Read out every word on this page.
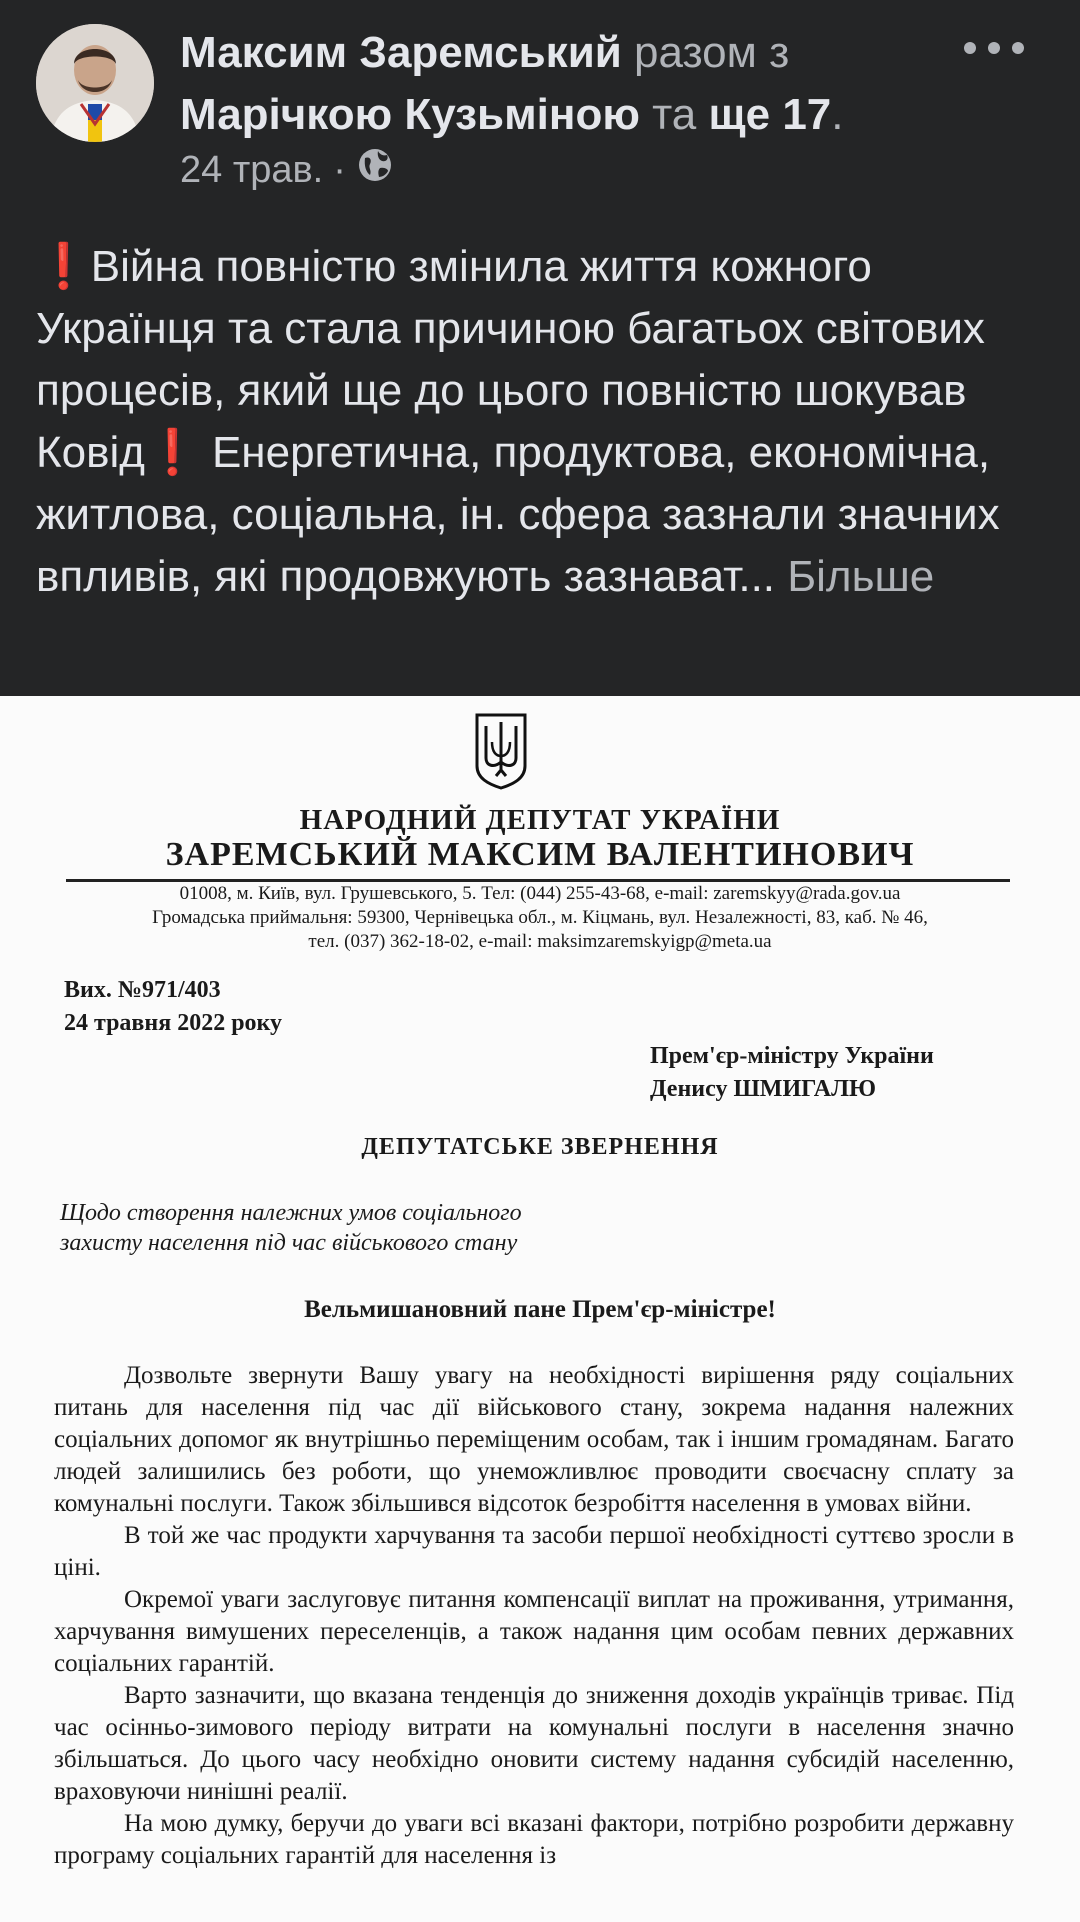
Максим Заремський разом з
Марічкою Кузьміною та ще 17.
24 трав. ·
❗Війна повністю змінила життя кожного Українця та стала причиною багатьох світових процесів, який ще до цього повністю шокував Ковід❗ Енергетична, продуктова, економічна, житлова, соціальна, ін. сфера зазнали значних впливів, які продовжують зазнават... Більше
НАРОДНИЙ ДЕПУТАТ УКРАЇНИ
ЗАРЕМСЬКИЙ МАКСИМ ВАЛЕНТИНОВИЧ
01008, м. Київ, вул. Грушевського, 5. Тел: (044) 255-43-68, e-mail: zaremskyy@rada.gov.ua
Громадська приймальня: 59300, Чернівецька обл., м. Кіцмань, вул. Незалежності, 83, каб. № 46,
тел. (037) 362-18-02, e-mail: maksimzaremskyigp@meta.ua
Вих. №971/403
24 травня 2022 року
Прем'єр-міністру України
Денису ШМИГАЛЮ
ДЕПУТАТСЬКЕ ЗВЕРНЕННЯ
Щодо створення належних умов соціального
захисту населення під час військового стану
Вельмишановний пане Прем'єр-міністре!

Дозвольте звернути Вашу увагу на необхідності вирішення ряду соціальних питань для населення під час дії військового стану, зокрема надання належних соціальних допомог як внутрішньо переміщеним особам, так і іншим громадянам. Багато людей залишились без роботи, що унеможливлює проводити своєчасну сплату за комунальні послуги. Також збільшився відсоток безробіття населення в умовах війни.

В той же час продукти харчування та засоби першої необхідності суттєво зросли в ціні.

Окремої уваги заслуговує питання компенсації виплат на проживання, утримання, харчування вимушених переселенців, а також надання цим особам певних державних соціальних гарантій.

Варто зазначити, що вказана тенденція до зниження доходів українців триває. Під час осінньо-зимового періоду витрати на комунальні послуги в населення значно збільшаться. До цього часу необхідно оновити систему надання субсидій населенню, враховуючи нинішні реалії.

На мою думку, беручи до уваги всі вказані фактори, потрібно розробити державну програму соціальних гарантій для населення із
